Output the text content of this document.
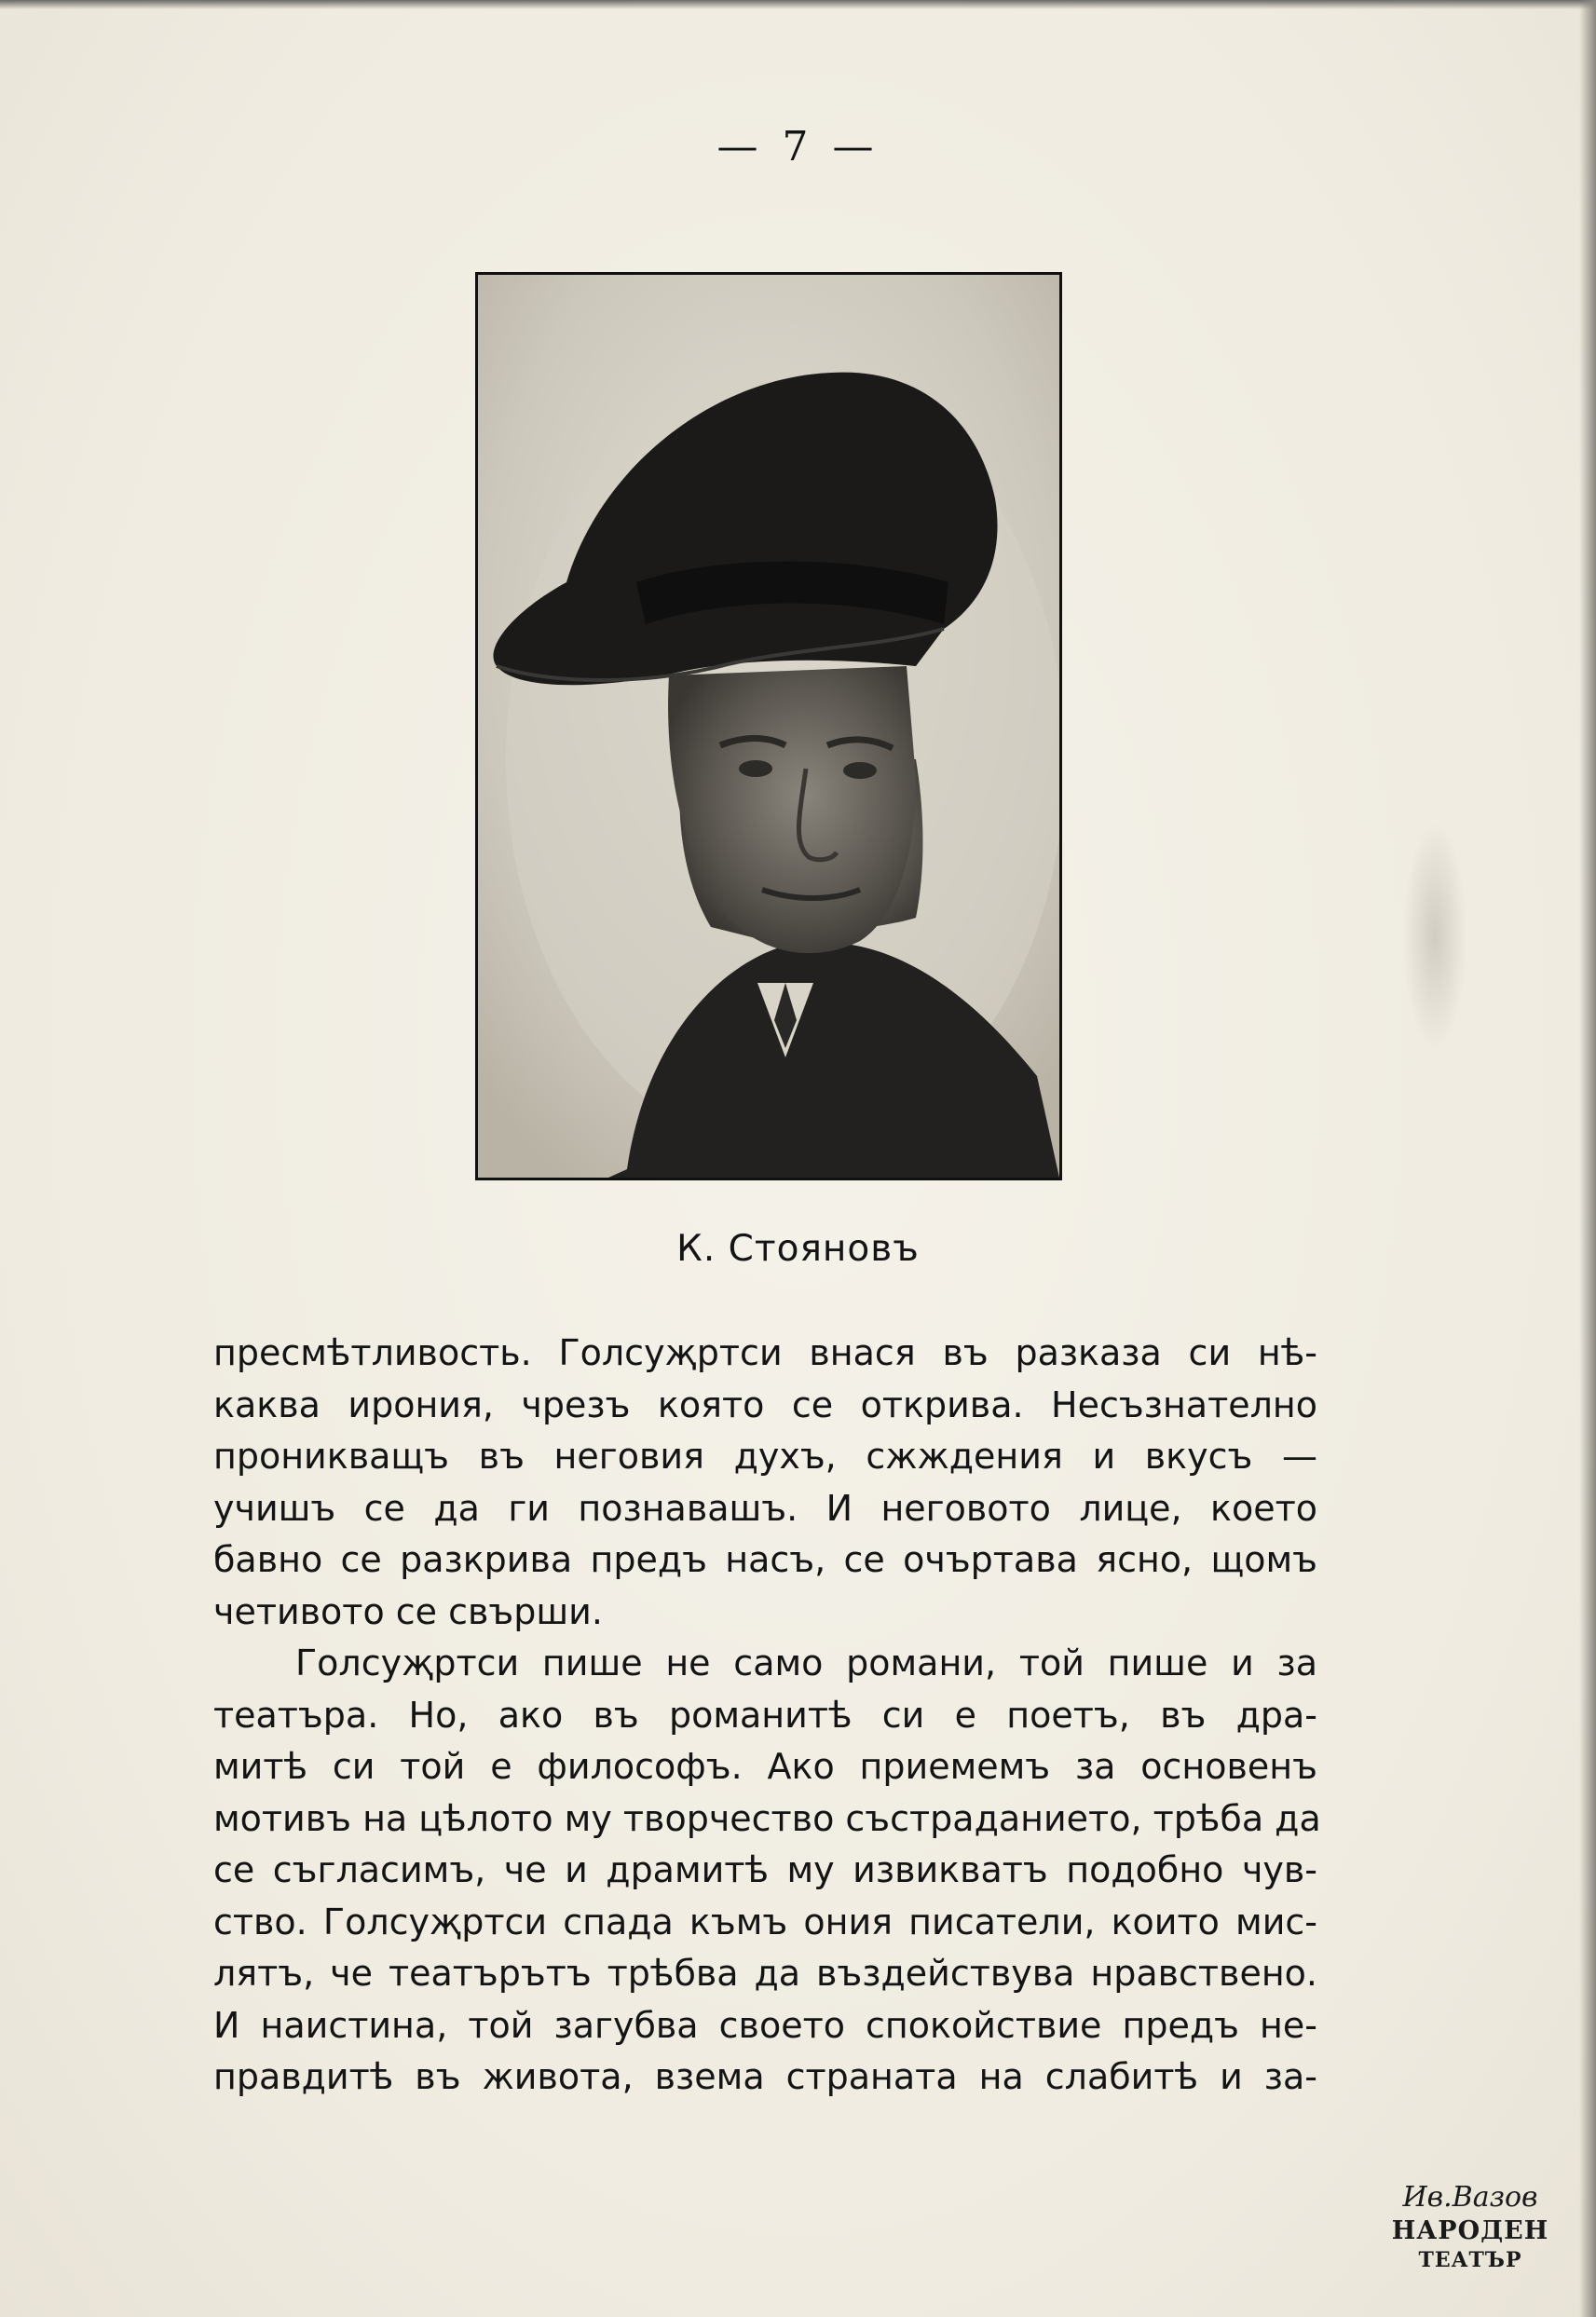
— 7 —
К. Стояновъ
пресмѣтливость. Голсуҗртси внася въ разказа си нѣ-
каква ирония, чрезъ която се открива. Несъзнателно
проникващъ въ неговия духъ, сжждения и вкусъ —
учишъ се да ги познавашъ. И неговото лице, което
бавно се разкрива предъ насъ, се очъртава ясно, щомъ
четивото се свърши.
Голсуҗртси пише не само романи, той пише и за
театъра. Но, ако въ романитѣ си е поетъ, въ дра-
митѣ си той е философъ. Ако приемемъ за основенъ
мотивъ на цѣлото му творчество състраданието, трѣба да
се съгласимъ, че и драмитѣ му извикватъ подобно чув-
ство. Голсуҗртси спада къмъ ония писатели, които мис-
лятъ, че театърътъ трѣбва да въздействува нравствено.
И наистина, той загубва своето спокойствие предъ не-
правдитѣ въ живота, взема страната на слабитѣ и за-
Ив.Вазов
НАРОДЕН
ТЕАТЪР
